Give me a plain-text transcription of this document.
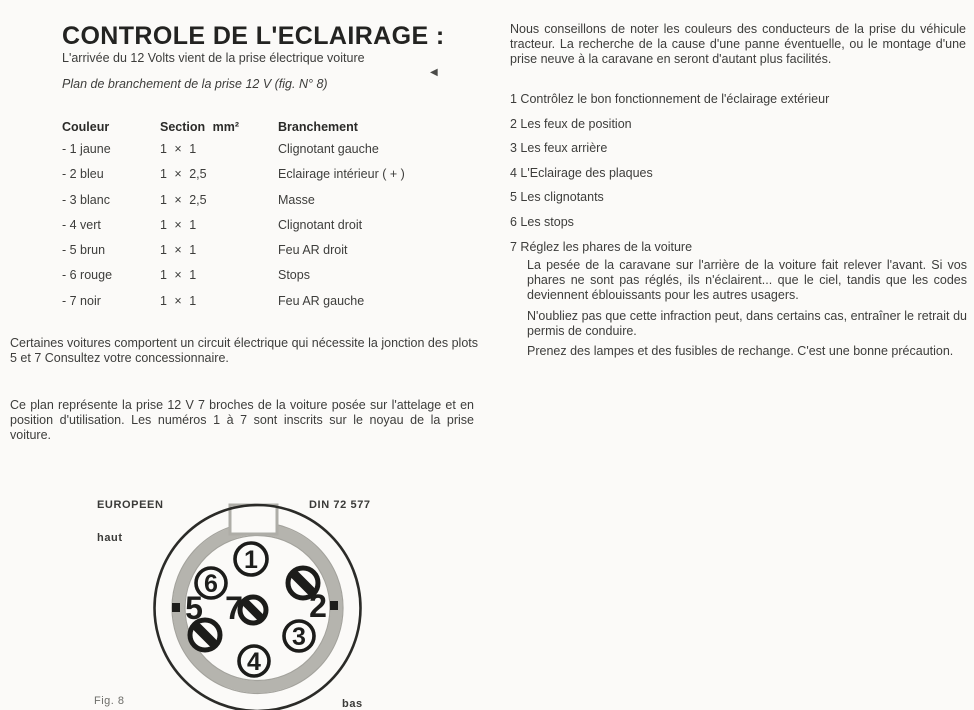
CONTROLE DE L'ECLAIRAGE :
L'arrivée du 12 Volts vient de la prise électrique voiture
Plan de branchement de la prise 12 V (fig. N° 8)
◀
Couleur	Section mm²	Branchement
- 1 jaune	1 × 1	Clignotant gauche
- 2 bleu	1 × 2,5	Eclairage intérieur ( + )
- 3 blanc	1 × 2,5	Masse
- 4 vert	1 × 1	Clignotant droit
- 5 brun	1 × 1	Feu AR droit
- 6 rouge	1 × 1	Stops
- 7 noir	1 × 1	Feu AR gauche
Certaines voitures comportent un circuit électrique qui nécessite la jonction des plots 5 et 7 Consultez votre concessionnaire.
Ce plan représente la prise 12 V 7 broches de la voiture posée sur l'attelage et en position d'utilisation. Les numéros 1 à 7 sont inscrits sur le noyau de la prise voiture.
Nous conseillons de noter les couleurs des conducteurs de la prise du véhicule tracteur. La recherche de la cause d'une panne éventuelle, ou le montage d'une prise neuve à la caravane en seront d'autant plus facilités.
1 Contrôlez le bon fonctionnement de l'éclairage extérieur
2 Les feux de position
3 Les feux arrière
4 L'Eclairage des plaques
5 Les clignotants
6 Les stops
7 Réglez les phares de la voiture
La pesée de la caravane sur l'arrière de la voiture fait relever l'avant. Si vos phares ne sont pas réglés, ils n'éclairent... que le ciel, tandis que les codes deviennent éblouissants pour les autres usagers.
N'oubliez pas que cette infraction peut, dans certains cas, entraîner le retrait du permis de conduire.
Prenez des lampes et des fusibles de rechange. C'est une bonne précaution.
EUROPEEN	DIN 72 577
haut
Fig. 8	bas
1
6
2
7
5
3
4
